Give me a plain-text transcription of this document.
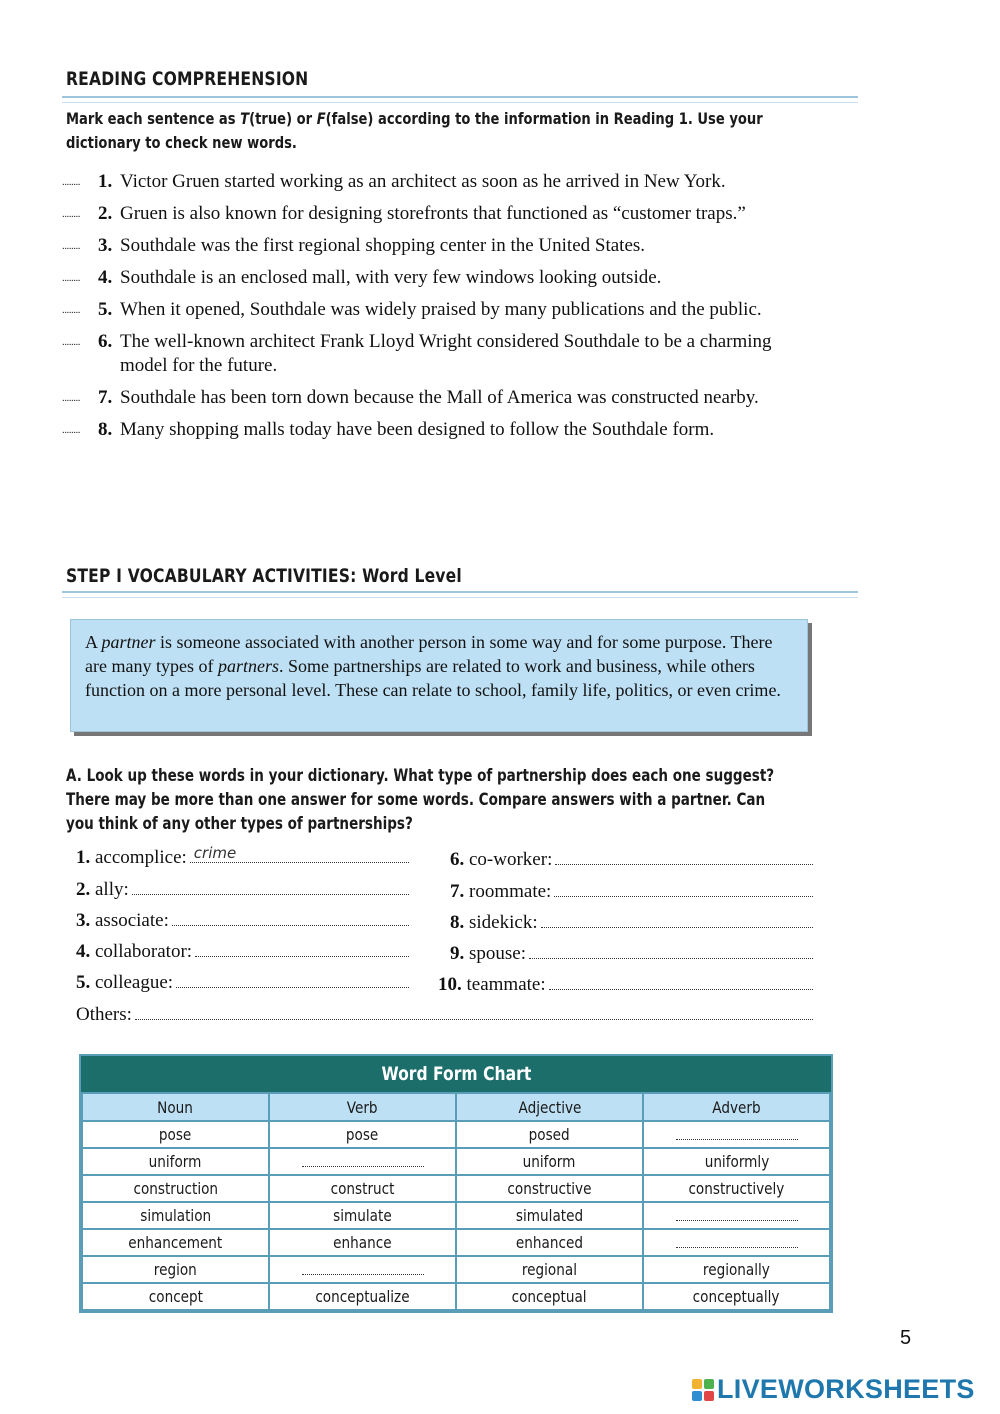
READING COMPREHENSION
Mark each sentence as T(true) or F(false) according to the information in Reading 1. Use your dictionary to check new words.
........ 1. Victor Gruen started working as an architect as soon as he arrived in New York.
........ 2. Gruen is also known for designing storefronts that functioned as “customer traps.”
........ 3. Southdale was the first regional shopping center in the United States.
........ 4. Southdale is an enclosed mall, with very few windows looking outside.
........ 5. When it opened, Southdale was widely praised by many publications and the public.
........ 6. The well-known architect Frank Lloyd Wright considered Southdale to be a charming model for the future.
........ 7. Southdale has been torn down because the Mall of America was constructed nearby.
........ 8. Many shopping malls today have been designed to follow the Southdale form.
STEP I VOCABULARY ACTIVITIES: Word Level
A partner is someone associated with another person in some way and for some purpose. There are many types of partners. Some partnerships are related to work and business, while others function on a more personal level. These can relate to school, family life, politics, or even crime.
A. Look up these words in your dictionary. What type of partnership does each one suggest? There may be more than one answer for some words. Compare answers with a partner. Can you think of any other types of partnerships?
1.
accomplice: crime
2.
ally:
3.
associate:
4.
collaborator:
5.
colleague:
6.
co-worker:
7.
roommate:
8.
sidekick:
9.
spouse:
10.
teammate:
Others:
Word Form Chart
Noun	Verb	Adjective	Adverb
pose	pose	posed	
uniform		uniform	uniformly
construction	construct	constructive	constructively
simulation	simulate	simulated	
enhancement	enhance	enhanced	
region		regional	regionally
concept	conceptualize	conceptual	conceptually
5
LIVEWORKSHEETS
